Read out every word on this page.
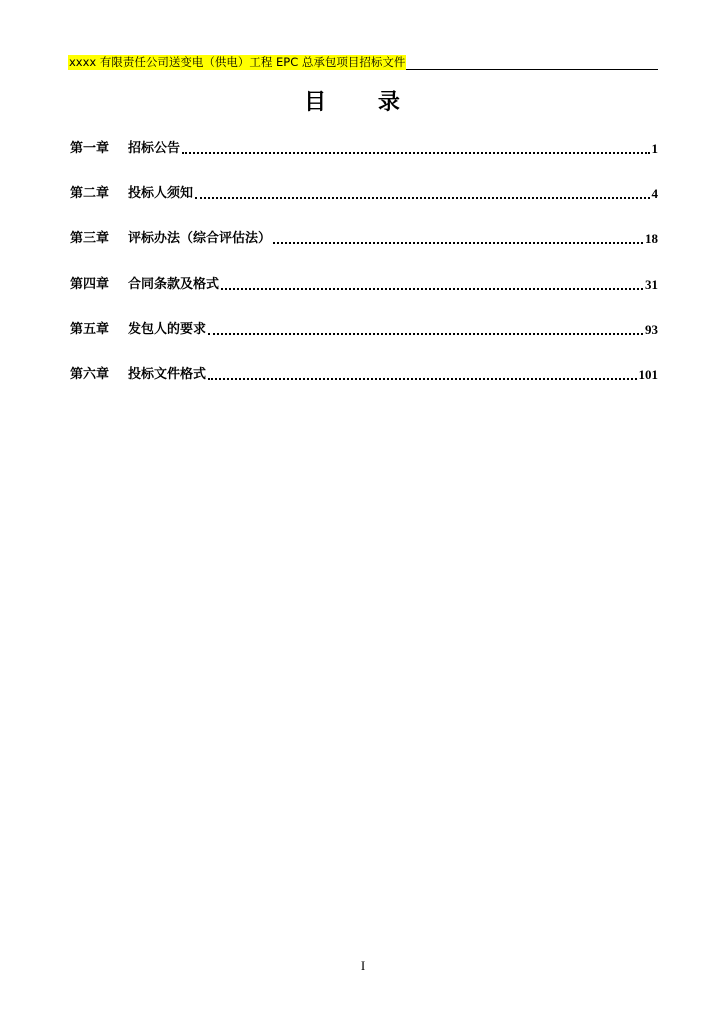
xxxx 有限责任公司送变电（供电）工程 EPC 总承包项目招标文件
目 录
第一章	招标公告	1
第二章	投标人须知	4
第三章	评标办法（综合评估法）	18
第四章	合同条款及格式	31
第五章	发包人的要求	93
第六章	投标文件格式	101
I
